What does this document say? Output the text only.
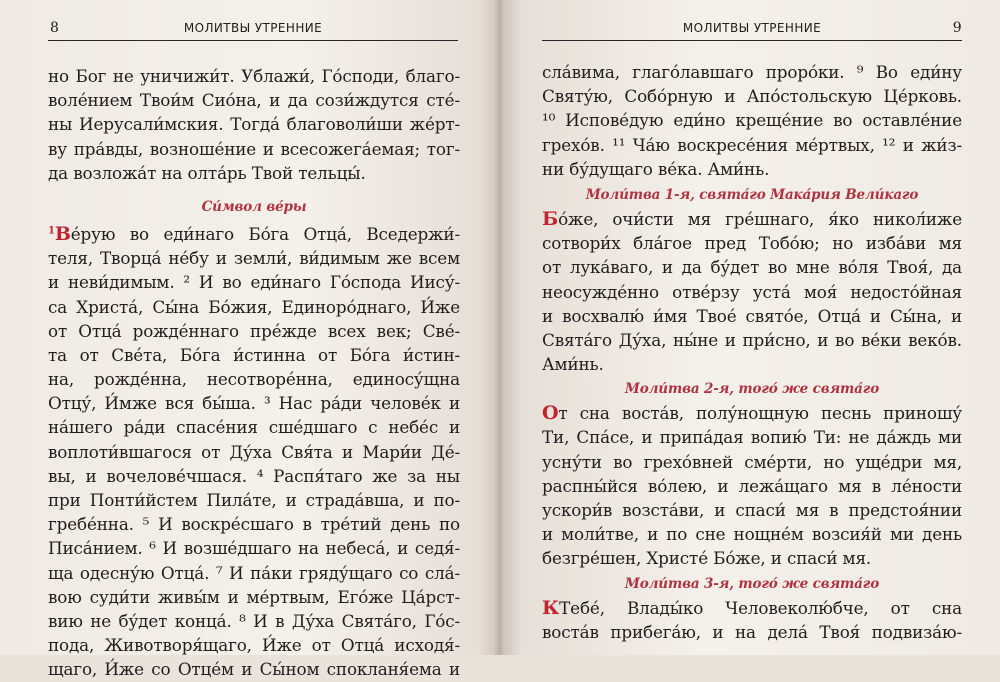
8	МОЛИТВЫ УТРЕННИЕ
но Бог не уничижи́т. Ублажи́, Го́споди, благо-
воле́нием Твои́м Сио́на, и да сози́ждутся сте́-
ны Иерусали́мския. Тогда́ благоволи́ши же́рт-
ву пра́вды, возноше́ние и всесожега́емая; тог-
да возложа́т на олта́рь Твой тельцы́.
Си́мвол ве́ры
$^1$Ве́рую во еди́наго Бо́га Отца́, Вседержи́-
теля, Творца́ не́бу и земли́, ви́димым же всем
и неви́димым. ² И во еди́наго Го́спода Иису́-
са Христа́, Сы́на Бо́жия, Единоро́днаго, И́же
от Отца́ рожде́ннаго пре́жде всех век; Све́-
та от Све́та, Бо́га и́стинна от Бо́га и́стин-
на, рожде́нна, несотворе́нна, единосу́щна
Отцу́, И́мже вся бы́ша. ³ Нас ра́ди челове́к и
на́шего ра́ди спасе́ния сше́дшаго с небе́с и
воплоти́вшагося от Ду́ха Свя́та и Мари́и Де́-
вы, и вочелове́чшася. ⁴ Распя́таго же за ны
при Понти́йстем Пила́те, и страда́вша, и по-
гребе́нна. ⁵ И воскре́сшаго в тре́тий день по
Писа́нием. ⁶ И возше́дшаго на небеса́, и седя́-
ща одесну́ю Отца́. ⁷ И па́ки гряду́щаго со сла́-
вою суди́ти живы́м и ме́ртвым, Его́же Ца́рст-
вию не бу́дет конца́. ⁸ И в Ду́ха Свята́го, Го́с-
пода, Животворя́щаго, И́же от Отца́ исходя́-
щаго, И́же со Отце́м и Сы́ном спокланя́ема и
МОЛИТВЫ УТРЕННИЕ	9
сла́вима, глаго́лавшаго проро́ки. ⁹ Во еди́ну
Святу́ю, Собо́рную и Апо́стольскую Це́рковь.
¹⁰ Испове́дую еди́но креще́ние во оставле́ние
грехо́в. ¹¹ Ча́ю воскресе́ния ме́ртвых, ¹² и жи́з-
ни бу́дущаго ве́ка. Ами́нь.
Моли́тва 1-я, свята́го Мака́рия Вели́каго
Бо́же, очи́сти мя гре́шнаго, я́ко никол́иже
сотвори́х бла́гое пред Тобо́ю; но изба́ви мя
от лука́ваго, и да бу́дет во мне во́ля Твоя́, да
неосужде́нно отве́рзу уста́ моя́ недосто́йная
и восхвалю́ и́мя Твое́ свято́е, Отца́ и Сы́на, и
Свята́го Ду́ха, ны́не и при́сно, и во ве́ки веко́в.
Ами́нь.
Моли́тва 2-я, того́ же свята́го
От сна воста́в, полу́нощную песнь приношу́
Ти, Спа́се, и припа́дая вопию́ Ти: не да́ждь ми
усну́ти во грехо́вней сме́рти, но уще́дри мя,
распны́йся во́лею, и лежа́щаго мя в ле́ности
ускори́в возста́ви, и спаси́ мя в предстоя́нии
и моли́тве, и по сне нощне́м возсия́й ми день
безгре́шен, Христе́ Бо́же, и спаси́ мя.
Моли́тва 3-я, того́ же свята́го
КТебе́, Влады́ко Человеколю́бче, от сна
воста́в прибега́ю, и на дела́ Твоя́ подвиза́ю-
